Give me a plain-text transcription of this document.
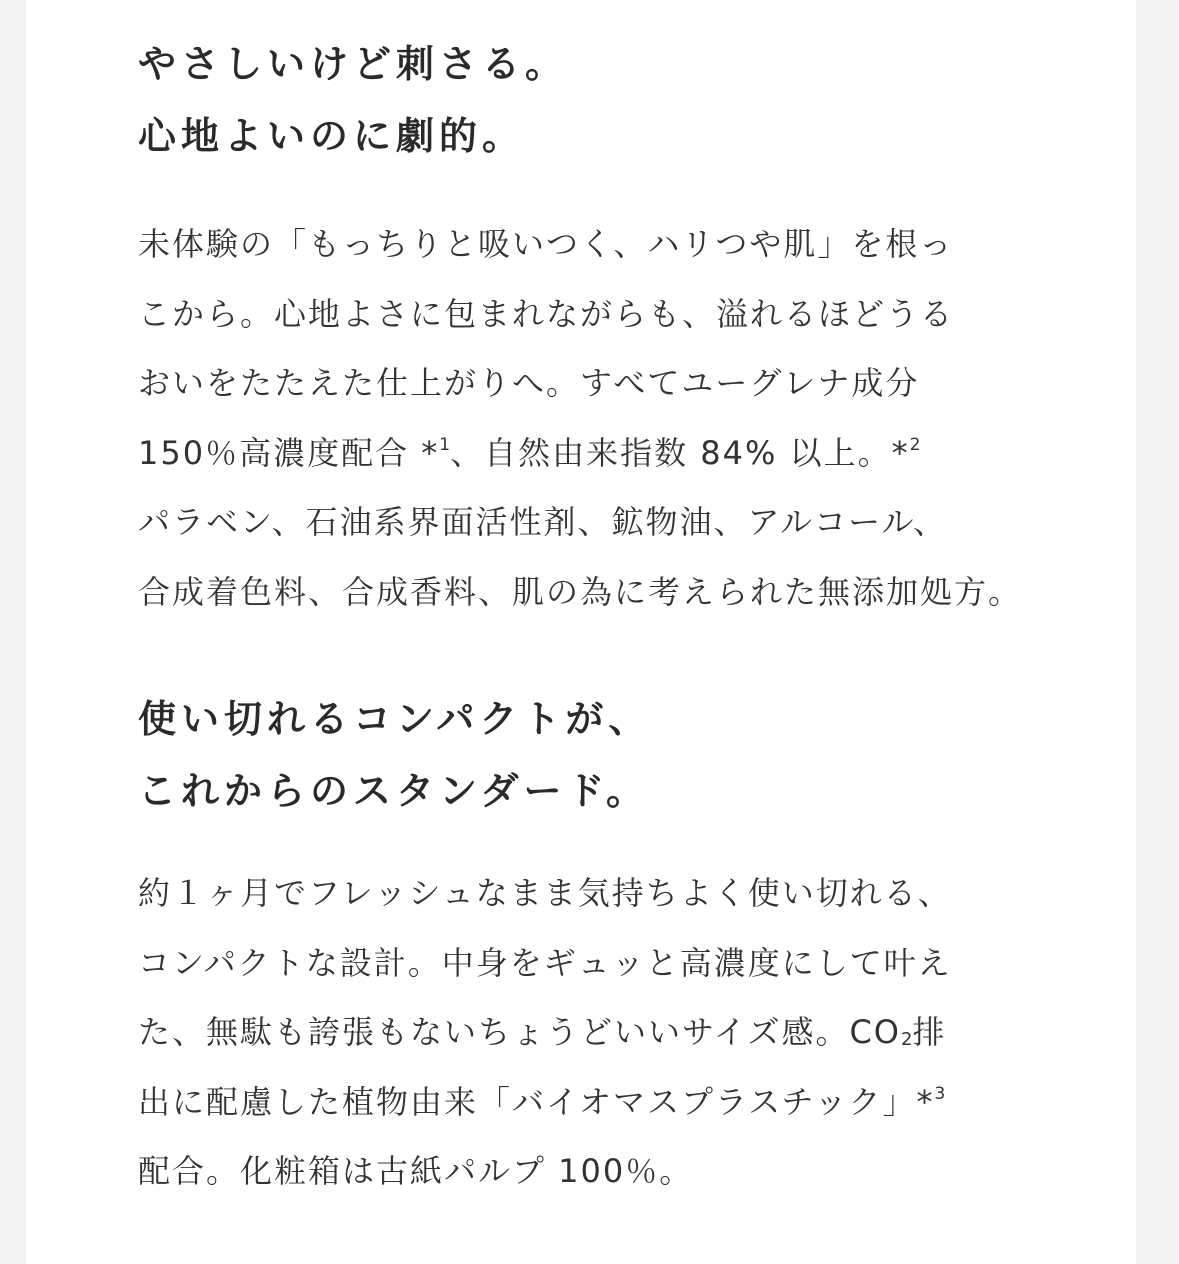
やさしいけど刺さる。
心地よいのに劇的。

未体験の「もっちりと吸いつく、ハリつや肌」を根っ
こから。心地よさに包まれながらも、溢れるほどうる
おいをたたえた仕上がりへ。すべてユーグレナ成分
150％高濃度配合 *$^1$、自然由来指数 84% 以上。*$^2$
パラベン、石油系界面活性剤、鉱物油、アルコール、
合成着色料、合成香料、肌の為に考えられた無添加処方。

使い切れるコンパクトが、
これからのスタンダード。

約１ヶ月でフレッシュなまま気持ちよく使い切れる、
コンパクトな設計。中身をギュッと高濃度にして叶え
た、無駄も誇張もないちょうどいいサイズ感。$CO_2$排
出に配慮した植物由来「バイオマスプラスチック」*$^3$
配合。化粧箱は古紙パルプ 100％。
